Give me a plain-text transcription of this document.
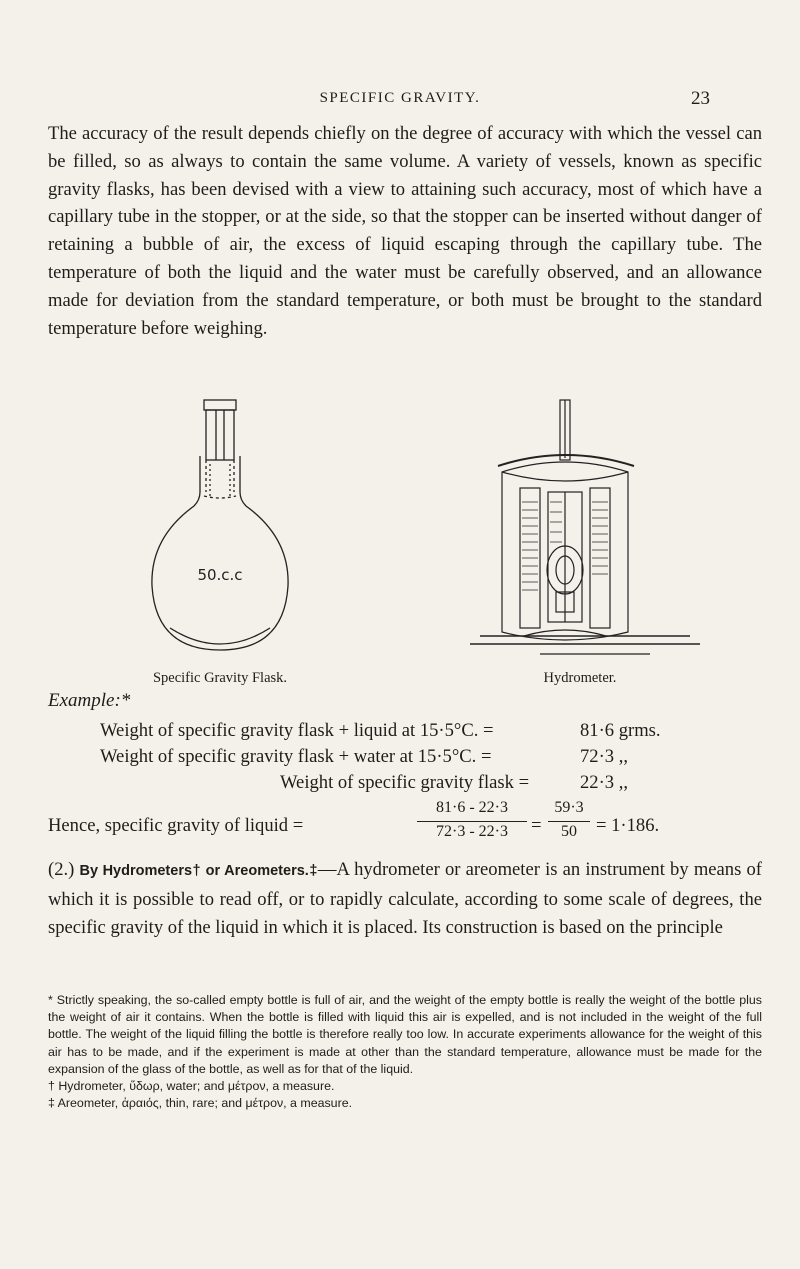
SPECIFIC GRAVITY.	23

The accuracy of the result depends chiefly on the degree of accuracy with which the vessel can be filled, so as always to contain the same volume. A variety of vessels, known as specific gravity flasks, has been devised with a view to attaining such accuracy, most of which have a capillary tube in the stopper, or at the side, so that the stopper can be inserted without danger of retaining a bubble of air, the excess of liquid escaping through the capillary tube. The temperature of both the liquid and the water must be carefully observed, and an allowance made for deviation from the standard temperature, or both must be brought to the standard temperature before weighing.

50.c.c
Specific Gravity Flask.	Hydrometer.
Example:*
Weight of specific gravity flask + liquid at 15·5°C. =	81·6 grms.
Weight of specific gravity flask + water at 15·5°C. =	72·3 ,,
Weight of specific gravity flask =	22·3 ,,
Hence, specific gravity of liquid =
81·6 - 22·3
72·3 - 22·3	=
59·3
50	= 1·186.

(2.) By Hydrometers† or Areometers.‡—A hydrometer or areometer is an instrument by means of which it is possible to read off, or to rapidly calculate, according to some scale of degrees, the specific gravity of the liquid in which it is placed. Its construction is based on the principle

* Strictly speaking, the so-called empty bottle is full of air, and the weight of the empty bottle is really the weight of the bottle plus the weight of air it contains. When the bottle is filled with liquid this air is expelled, and is not included in the weight of the full bottle. The weight of the liquid filling the bottle is therefore really too low. In accurate experiments allowance for the weight of this air has to be made, and if the experiment is made at other than the standard temperature, allowance must be made for the expansion of the glass of the bottle, as well as for that of the liquid.

† Hydrometer, ὕδωρ, water; and μέτρον, a measure.

‡ Areometer, ἀραιός, thin, rare; and μέτρον, a measure.
